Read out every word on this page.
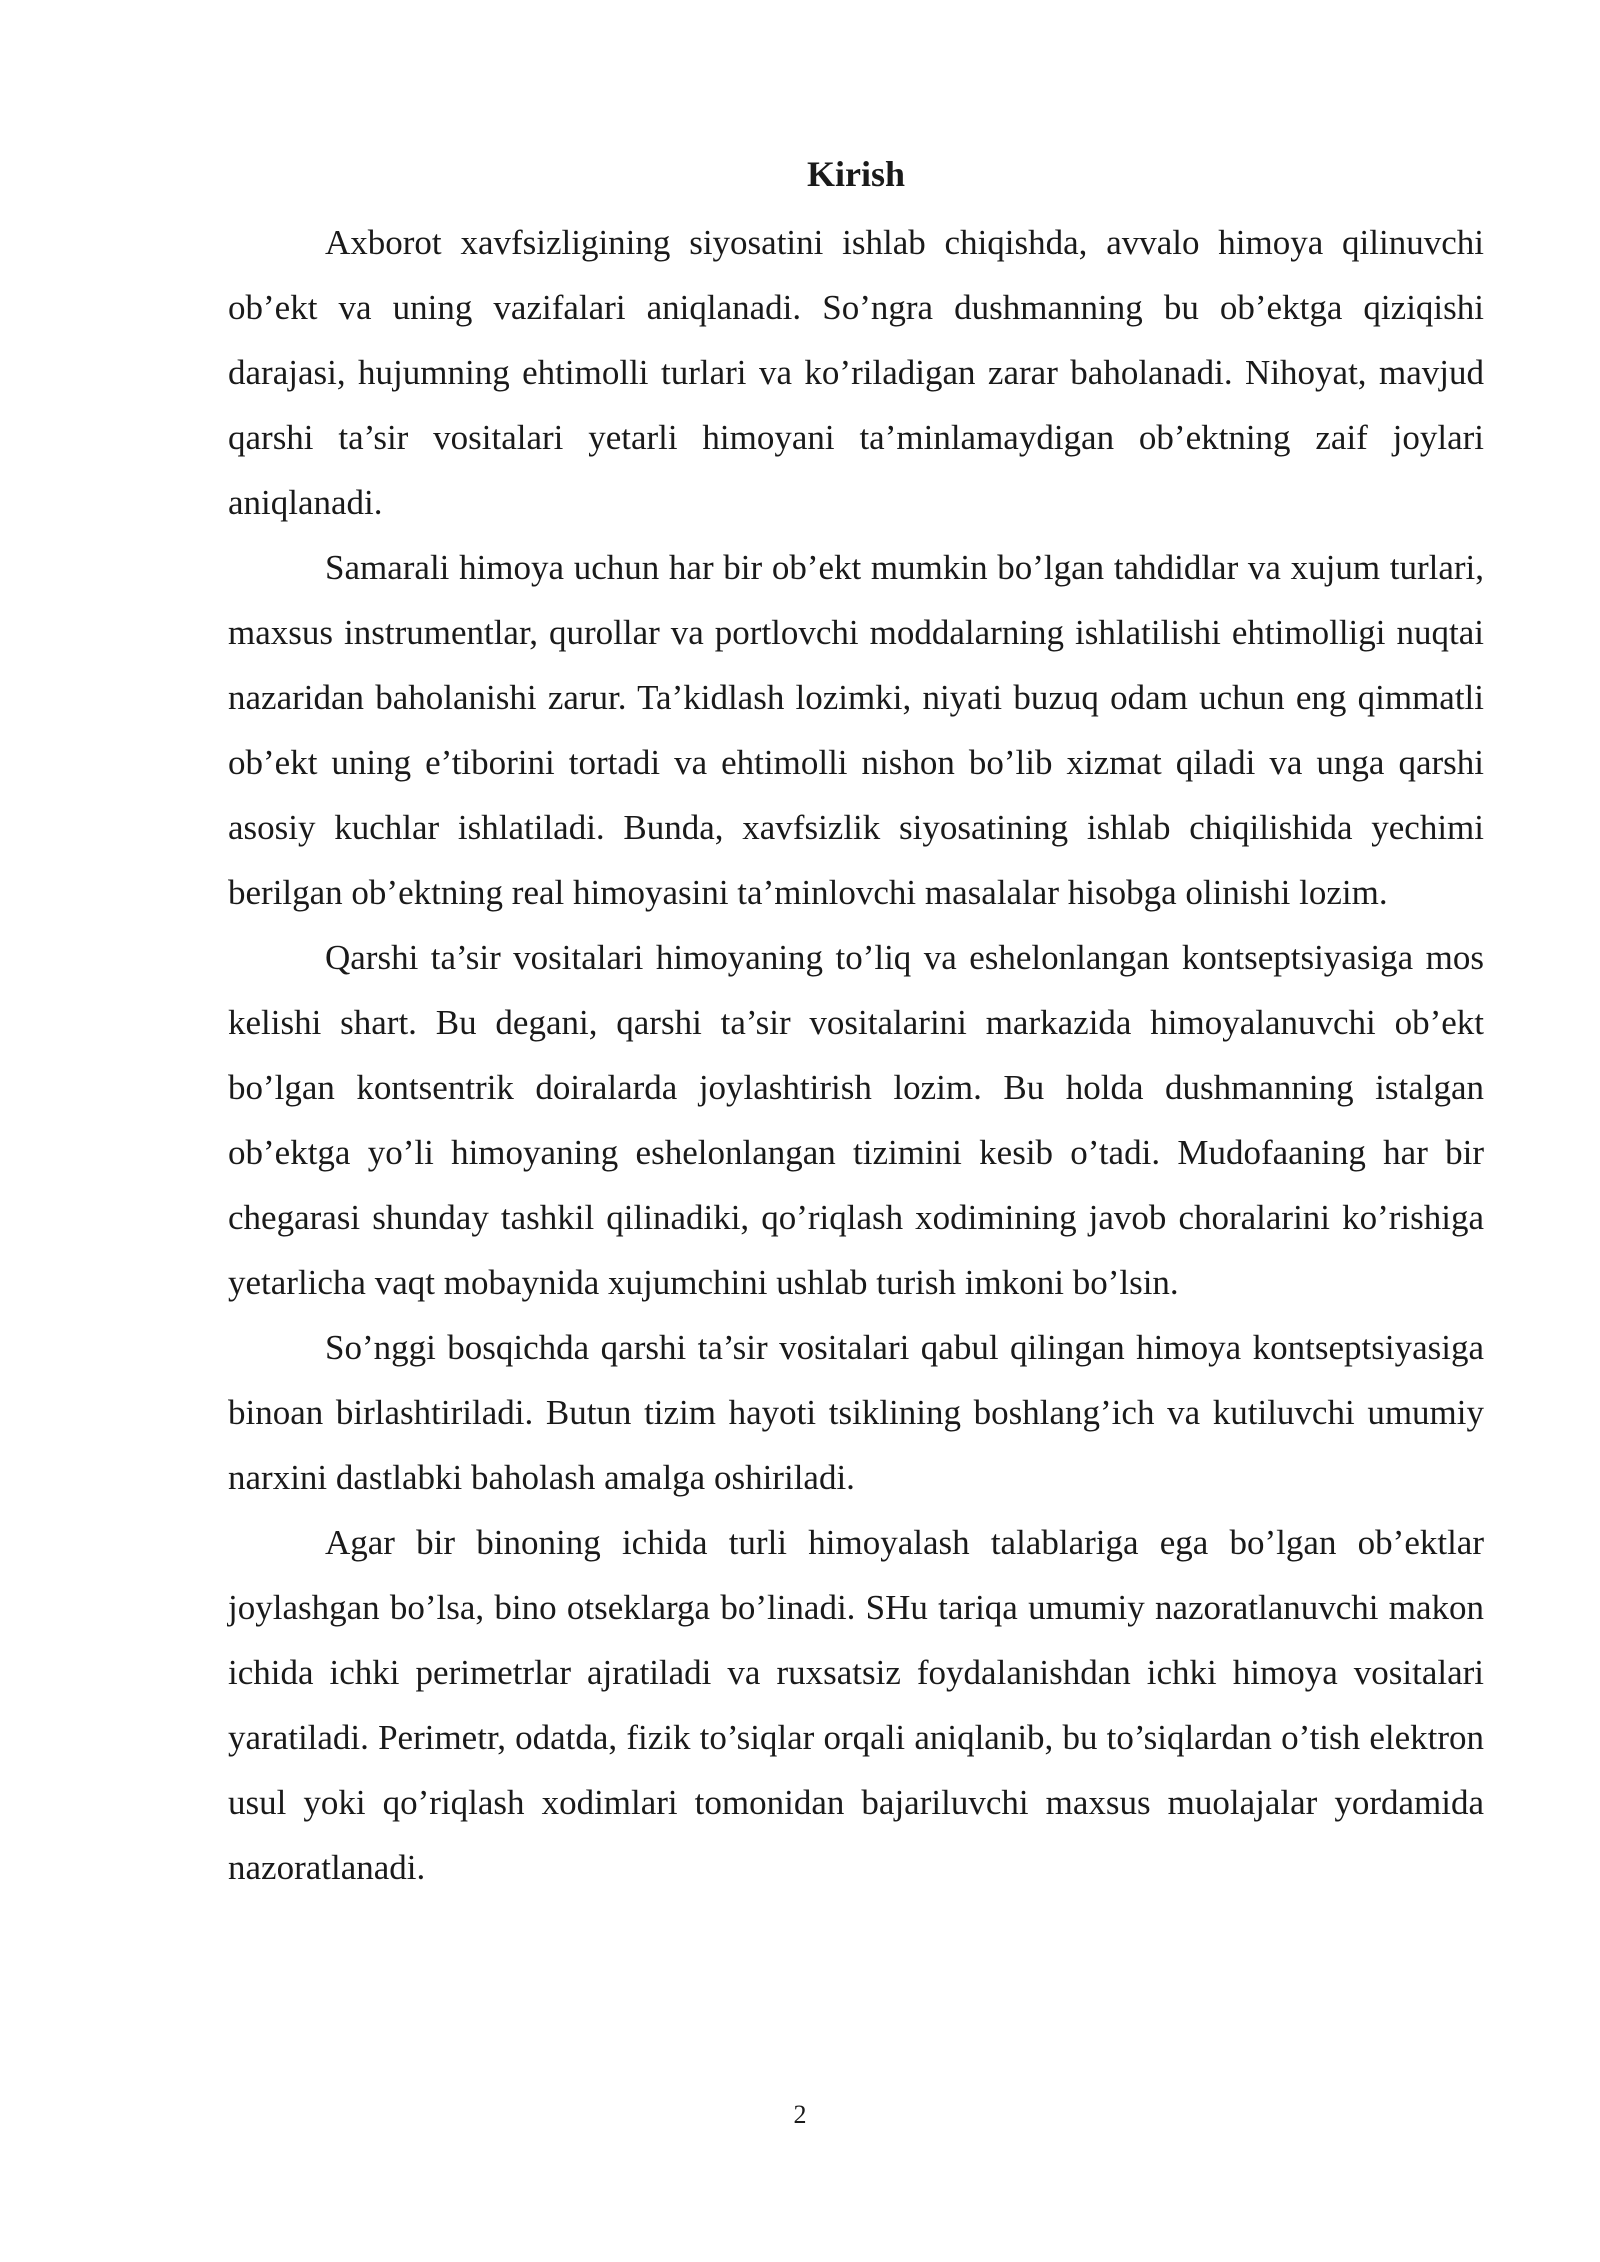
Kirish

Axborot xavfsizligining siyosatini ishlab chiqishda, avvalo himoya qilinuvchi ob’ekt va uning vazifalari aniqlanadi. So’ngra dushmanning bu ob’ektga qiziqishi darajasi, hujumning ehtimolli turlari va ko’riladigan zarar baholanadi. Nihoyat, mavjud qarshi ta’sir vositalari yetarli himoyani ta’minlamaydigan ob’ektning zaif joylari aniqlanadi.

Samarali himoya uchun har bir ob’ekt mumkin bo’lgan tahdidlar va xujum turlari, maxsus instrumentlar, qurollar va portlovchi moddalarning ishlatilishi ehtimolligi nuqtai nazaridan baholanishi zarur. Ta’kidlash lozimki, niyati buzuq odam uchun eng qimmatli ob’ekt uning e’tiborini tortadi va ehtimolli nishon bo’lib xizmat qiladi va unga qarshi asosiy kuchlar ishlatiladi. Bunda, xavfsizlik siyosatining ishlab chiqilishida yechimi berilgan ob’ektning real himoyasini ta’minlovchi masalalar hisobga olinishi lozim.

Qarshi ta’sir vositalari himoyaning to’liq va eshelonlangan kontseptsiyasiga mos kelishi shart. Bu degani, qarshi ta’sir vositalarini markazida himoyalanuvchi ob’ekt bo’lgan kontsentrik doiralarda joylashtirish lozim. Bu holda dushmanning istalgan ob’ektga yo’li himoyaning eshelonlangan tizimini kesib o’tadi. Mudofaaning har bir chegarasi shunday tashkil qilinadiki, qo’riqlash xodimining javob choralarini ko’rishiga yetarlicha vaqt mobaynida xujumchini ushlab turish imkoni bo’lsin.

So’nggi bosqichda qarshi ta’sir vositalari qabul qilingan himoya kontseptsiyasiga binoan birlashtiriladi. Butun tizim hayoti tsiklining boshlang’ich va kutiluvchi umumiy narxini dastlabki baholash amalga oshiriladi.

Agar bir binoning ichida turli himoyalash talablariga ega bo’lgan ob’ektlar joylashgan bo’lsa, bino otseklarga bo’linadi. SHu tariqa umumiy nazoratlanuvchi makon ichida ichki perimetrlar ajratiladi va ruxsatsiz foydalanishdan ichki himoya vositalari yaratiladi. Perimetr, odatda, fizik to’siqlar orqali aniqlanib, bu to’siqlardan o’tish elektron usul yoki qo’riqlash xodimlari tomonidan bajariluvchi maxsus muolajalar yordamida nazoratlanadi.

2
